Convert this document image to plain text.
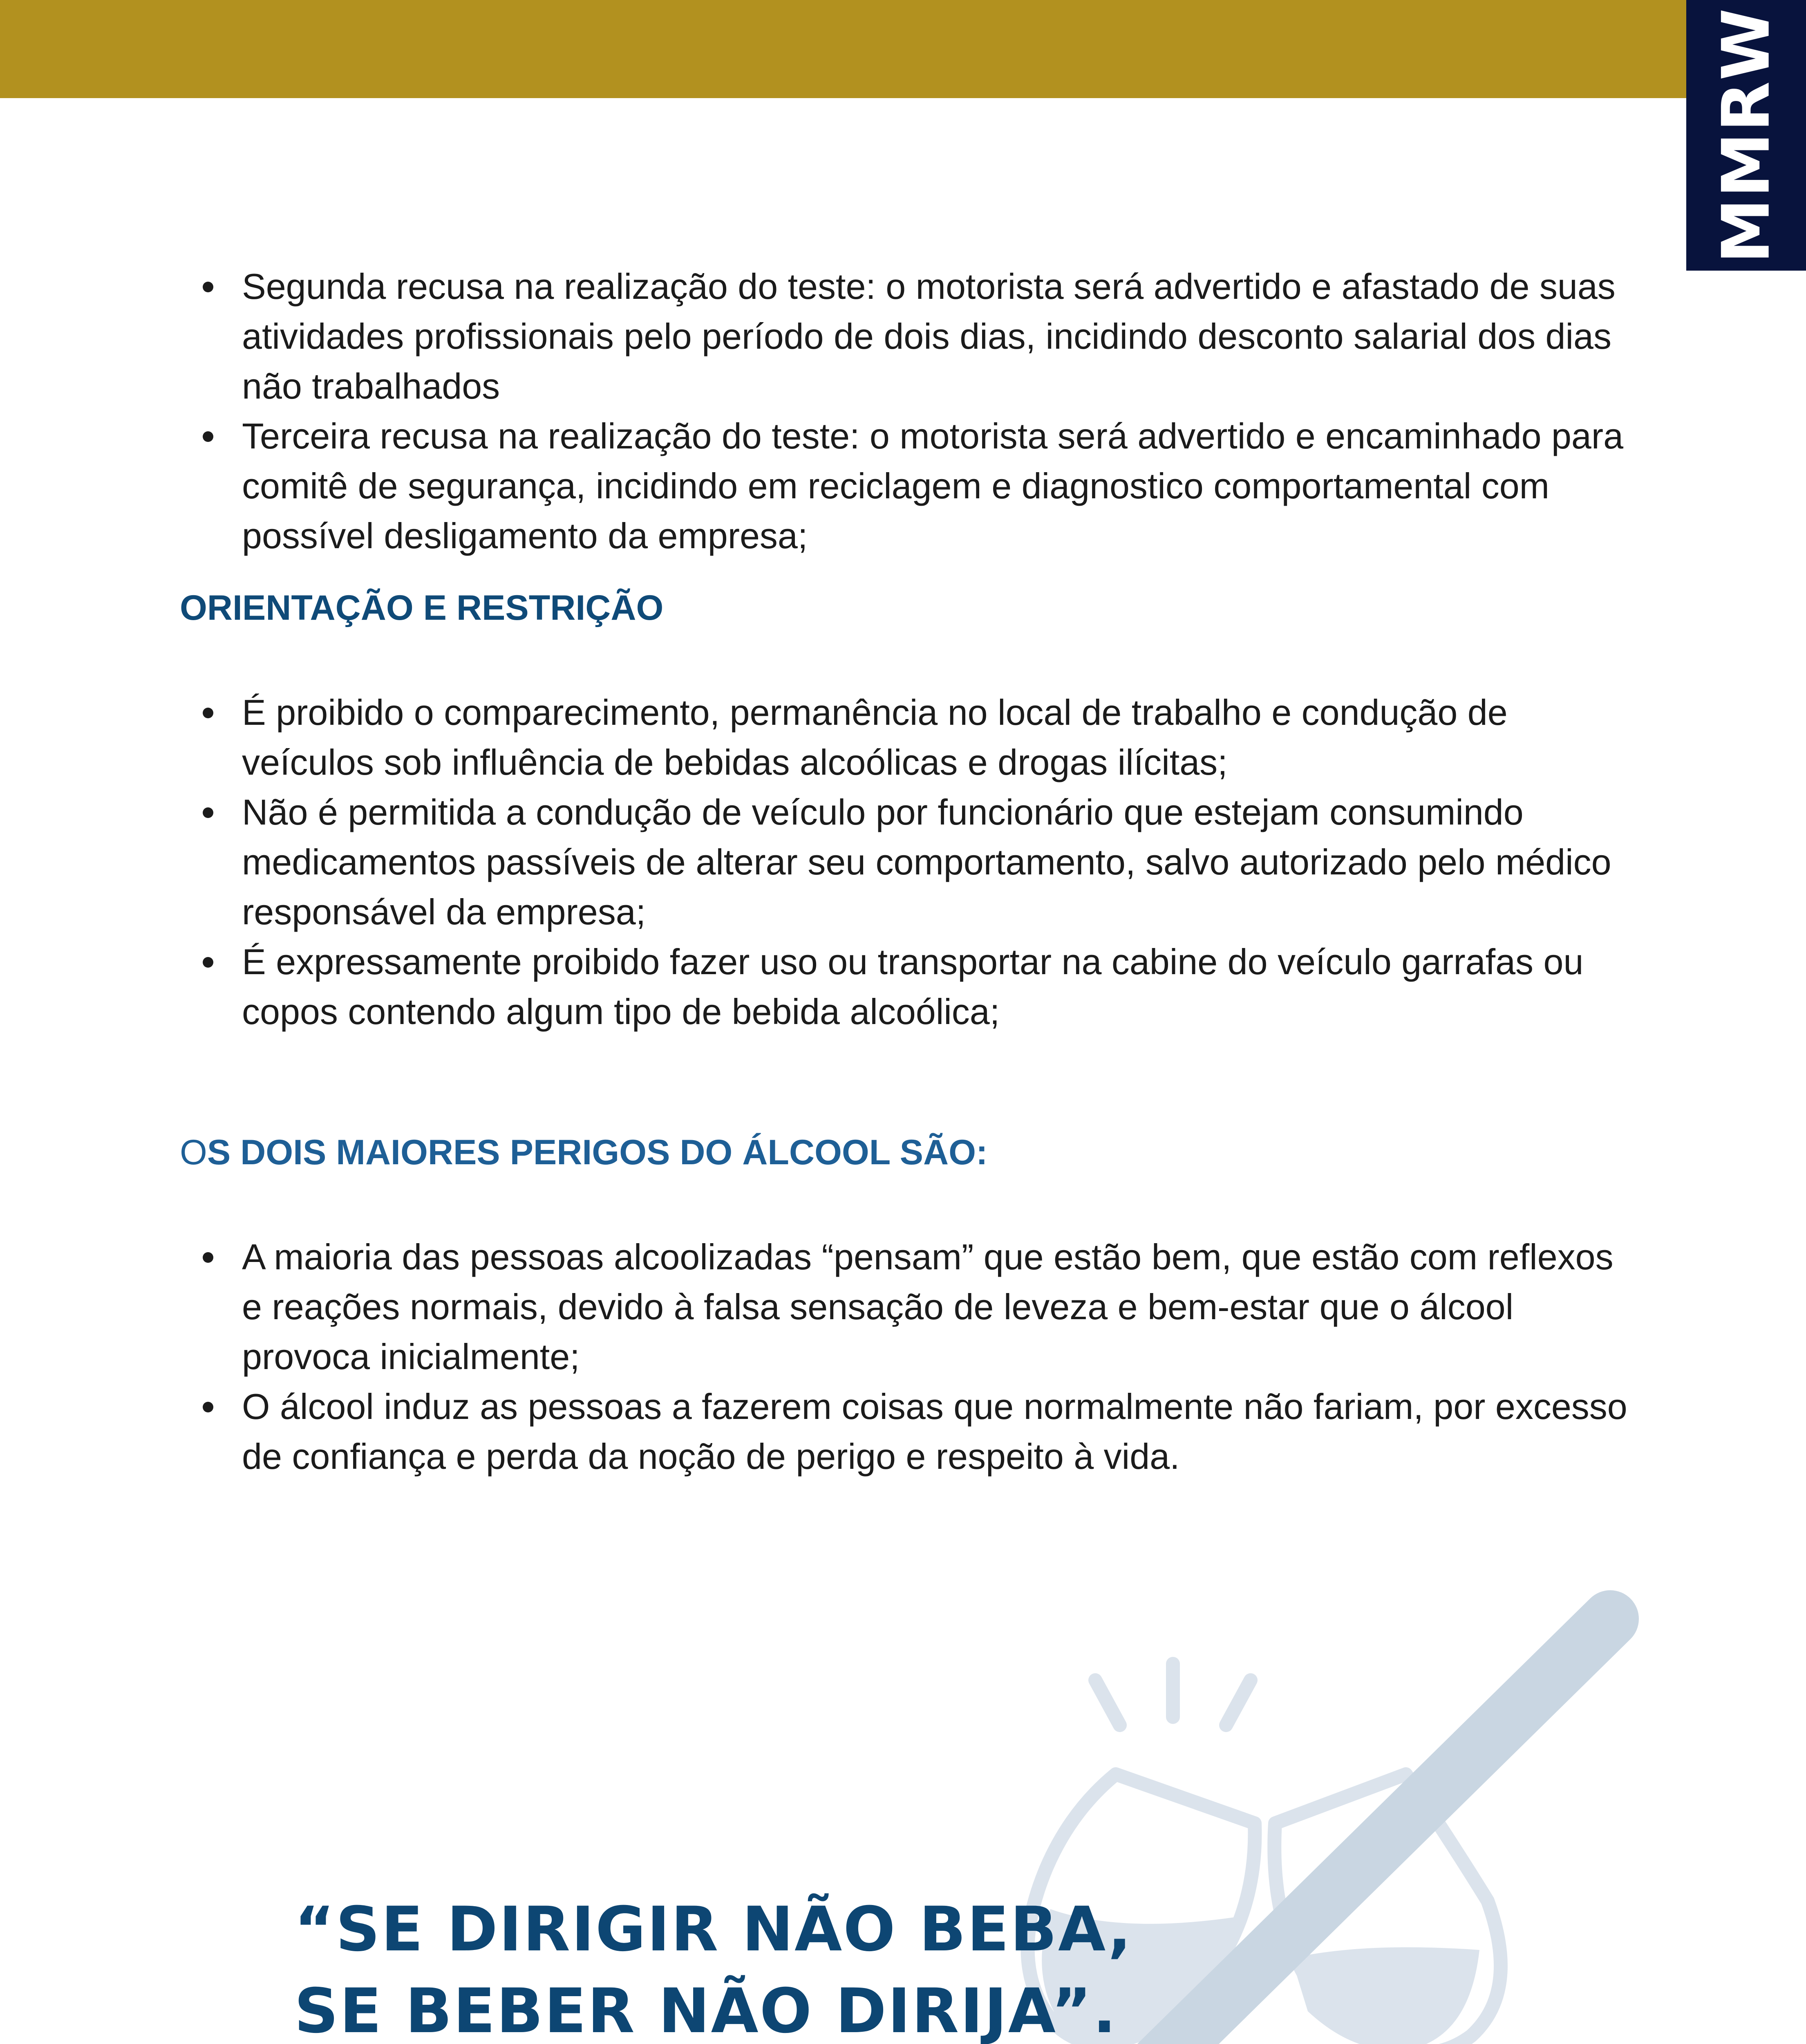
MMRW
Segunda recusa na realização do teste: o motorista será advertido e afastado de suas atividades profissionais pelo período de dois dias, incidindo desconto salarial dos dias não trabalhados
Terceira recusa na realização do teste: o motorista será advertido e encaminhado para comitê de segurança, incidindo em reciclagem e diagnostico comportamental com possível desligamento da empresa;
ORIENTAÇÃO E RESTRIÇÃO
É proibido o comparecimento, permanência no local de trabalho e condução de veículos sob influência de bebidas alcoólicas e drogas ilícitas;
Não é permitida a condução de veículo por funcionário que estejam consumindo medicamentos passíveis de alterar seu comportamento, salvo autorizado pelo médico responsável da empresa;
É expressamente proibido fazer uso ou transportar na cabine do veículo garrafas ou copos contendo algum tipo de bebida alcoólica;
OS DOIS MAIORES PERIGOS DO ÁLCOOL SÃO:
A maioria das pessoas alcoolizadas “pensam” que estão bem, que estão com reflexos e reações normais, devido à falsa sensação de leveza e bem-estar que o álcool provoca inicialmente;
O álcool induz as pessoas a fazerem coisas que normalmente não fariam, por excesso de confiança e perda da noção de perigo e respeito à vida.
“SE DIRIGIR NÃO BEBA,
SE BEBER NÃO DIRIJA”.
